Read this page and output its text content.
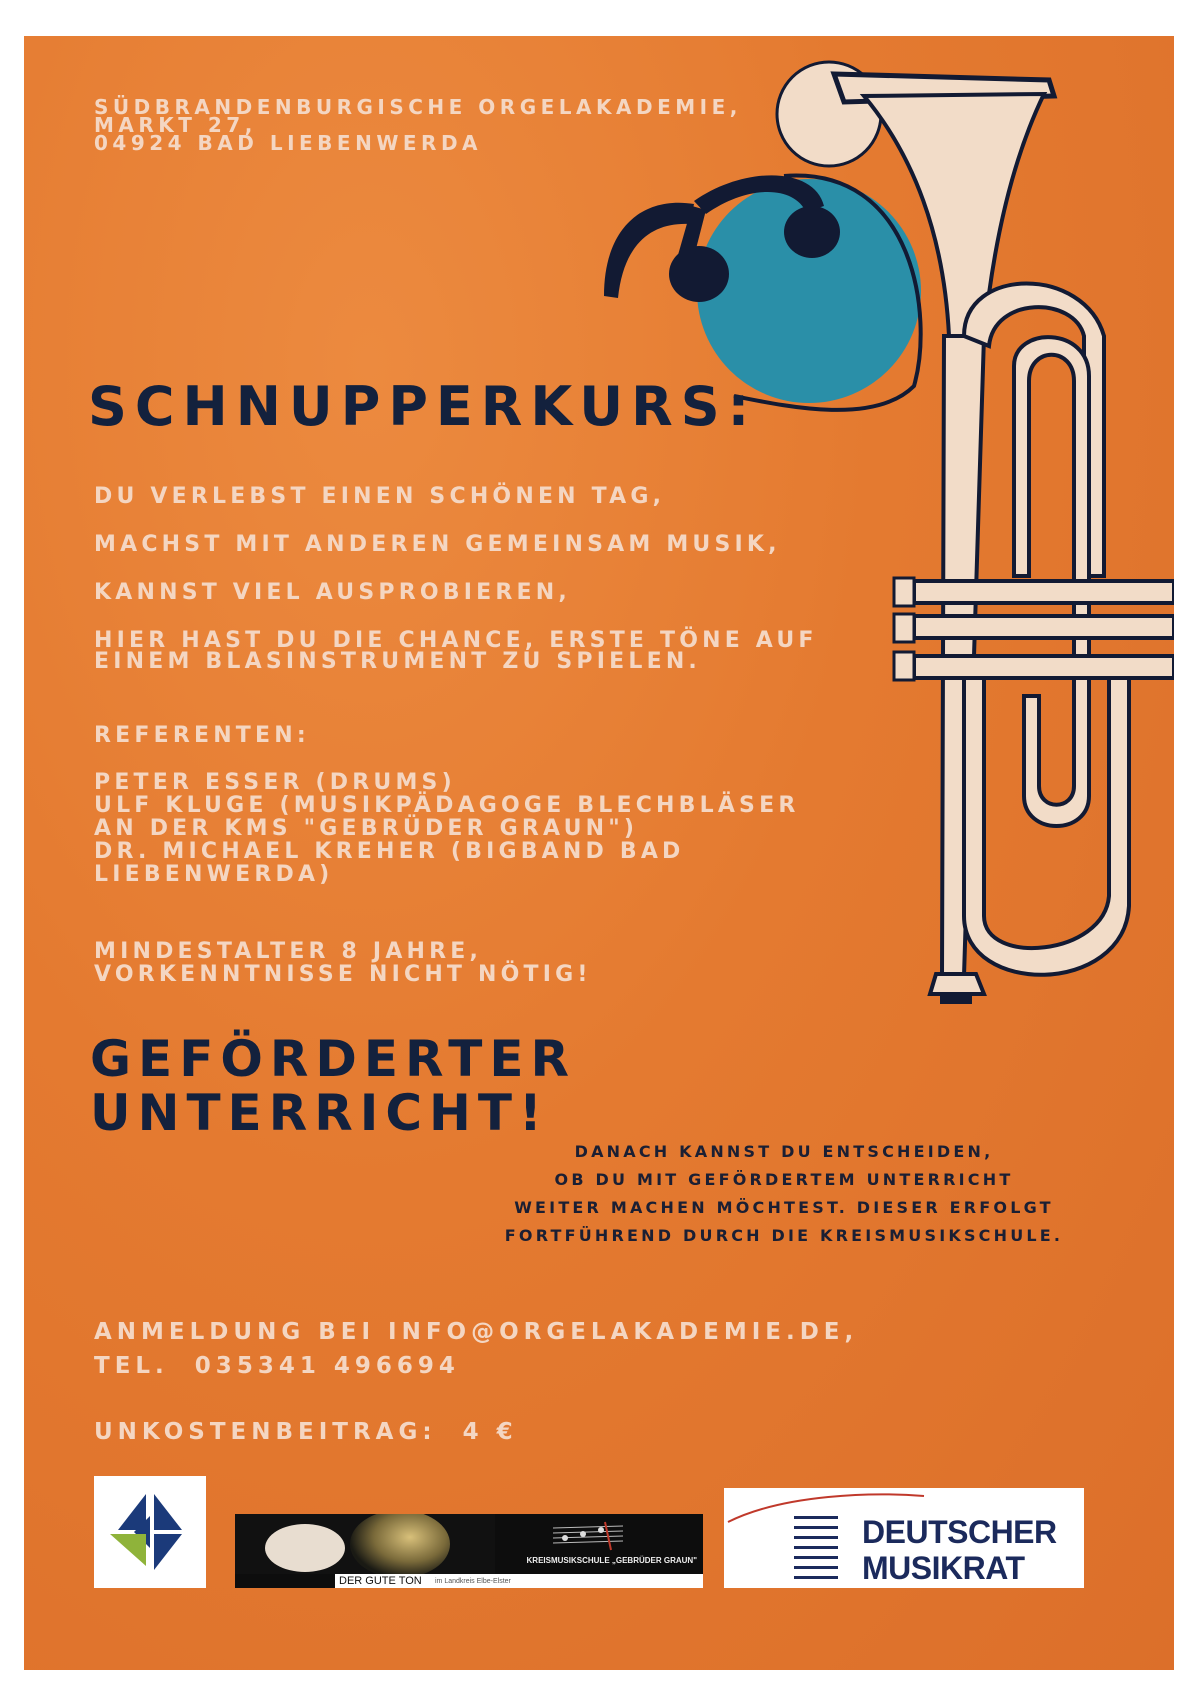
SÜDBRANDENBURGISCHE ORGELAKADEMIE,
MARKT 27,
04924 BAD LIEBENWERDA
SCHNUPPERKURS:
DU VERLEBST EINEN SCHÖNEN TAG,
MACHST MIT ANDEREN GEMEINSAM MUSIK,
KANNST VIEL AUSPROBIEREN,
HIER HAST DU DIE CHANCE, ERSTE TÖNE AUF
EINEM BLASINSTRUMENT ZU SPIELEN.
REFERENTEN:
PETER ESSER (DRUMS)
ULF KLUGE (MUSIKPÄDAGOGE BLECHBLÄSER
AN DER KMS "GEBRÜDER GRAUN")
DR. MICHAEL KREHER (BIGBAND BAD
LIEBENWERDA)
MINDESTALTER 8 JAHRE,
VORKENNTNISSE NICHT NÖTIG!
GEFÖRDERTER
UNTERRICHT!
DANACH KANNST DU ENTSCHEIDEN,
OB DU MIT GEFÖRDERTEM UNTERRICHT
WEITER MACHEN MÖCHTEST. DIESER ERFOLGT
FORTFÜHREND DURCH DIE KREISMUSIKSCHULE.
ANMELDUNG BEI INFO@ORGELAKADEMIE.DE,
TEL.  035341 496694
UNKOSTENBEITRAG:  4 €
KREISMUSIKSCHULE „GEBRÜDER GRAUN"
DER GUTE TON im Landkreis Elbe-Elster
DEUTSCHER
MUSIKRAT
